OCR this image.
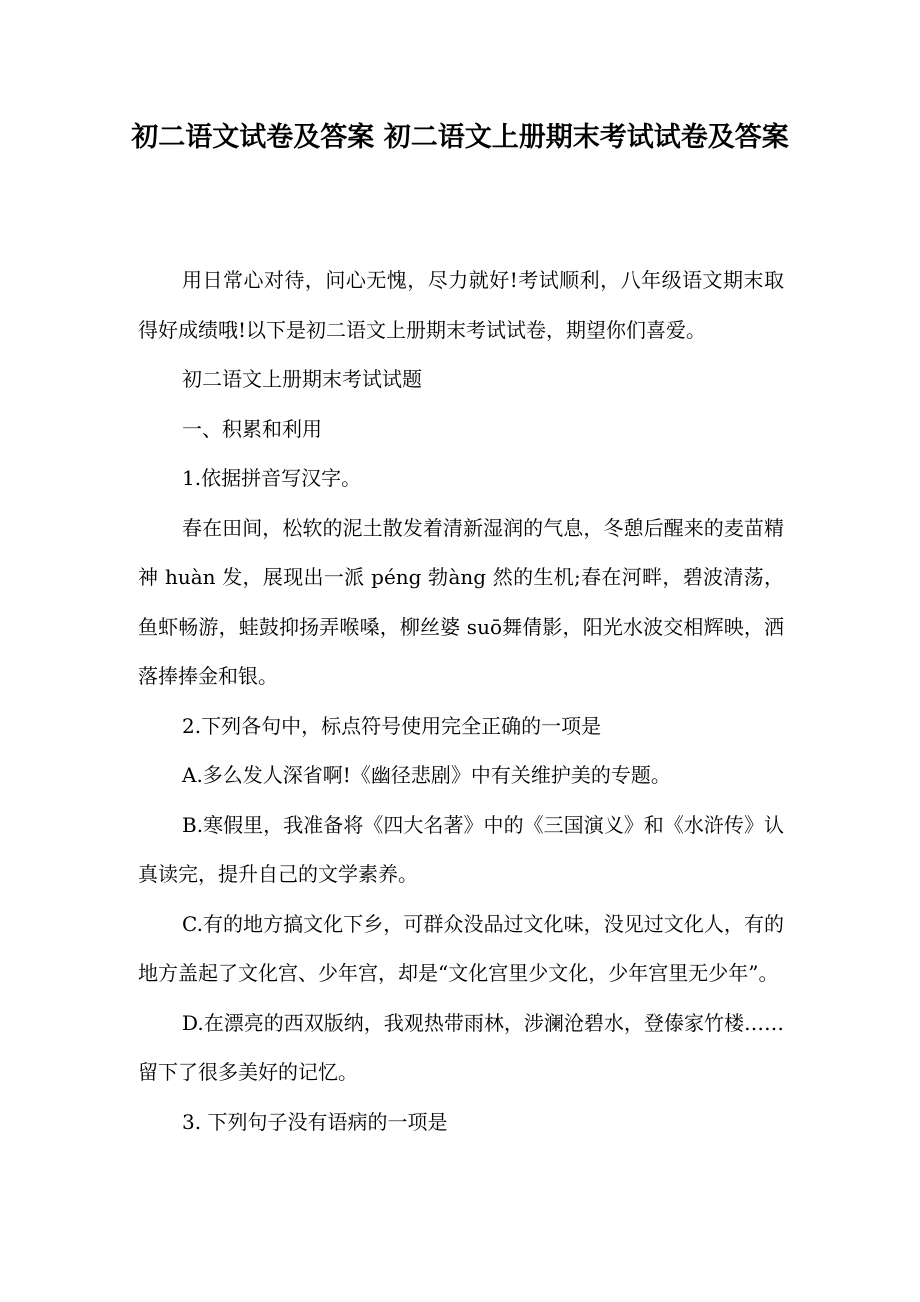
初二语文试卷及答案 初二语文上册期末考试试卷及答案

用日常心对待，问心无愧，尽力就好!考试顺利，八年级语文期末取得好成绩哦!以下是初二语文上册期末考试试卷，期望你们喜爱。

初二语文上册期末考试试题

一、积累和利用

1.依据拼音写汉字。

春在田间，松软的泥土散发着清新湿润的气息，冬憩后醒来的麦苗精神 huàn 发，展现出一派 péng 勃àng 然的生机;春在河畔，碧波清荡，鱼虾畅游，蛙鼓抑扬弄喉嗓，柳丝婆 suō舞倩影，阳光水波交相辉映，洒落捧捧金和银。

2.下列各句中，标点符号使用完全正确的一项是

A.多么发人深省啊!《幽径悲剧》中有关维护美的专题。

B.寒假里，我准备将《四大名著》中的《三国演义》和《水浒传》认真读完，提升自己的文学素养。

C.有的地方搞文化下乡，可群众没品过文化味，没见过文化人，有的地方盖起了文化宫、少年宫，却是“文化宫里少文化，少年宫里无少年”。

D.在漂亮的西双版纳，我观热带雨林，涉澜沧碧水，登傣家竹楼……留下了很多美好的记忆。

3. 下列句子没有语病的一项是
